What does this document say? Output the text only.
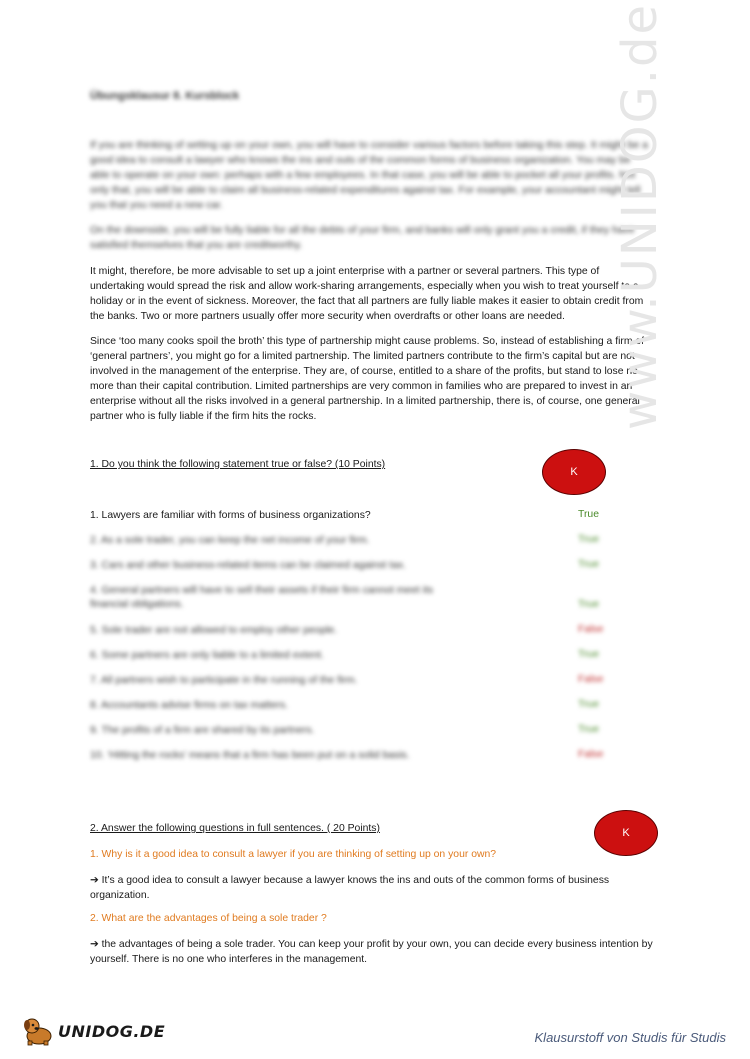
Übungsklausur 8. Kursblock
If you are thinking of setting up on your own, you will have to consider various factors before taking this step. It might be a good idea to consult a lawyer who knows the ins and outs of the common forms of business organization. You may be able to operate on your own: perhaps with a few employees. In that case, you will be able to pocket all your profits. Not only that, you will be able to claim all business-related expenditures against tax. For example, your accountant might tell you that you need a new car.
On the downside, you will be fully liable for all the debts of your firm, and banks will only grant you a credit, if they have satisfied themselves that you are creditworthy.
It might, therefore, be more advisable to set up a joint enterprise with a partner or several partners. This type of undertaking would spread the risk and allow work-sharing arrangements, especially when you wish to treat yourself to a holiday or in the event of sickness. Moreover, the fact that all partners are fully liable makes it easier to obtain credit from the banks. Two or more partners usually offer more security when overdrafts or other loans are needed.
Since ‘too many cooks spoil the broth’ this type of partnership might cause problems. So, instead of establishing a firm of ‘general partners’, you might go for a limited partnership. The limited partners contribute to the firm’s capital but are not involved in the management of the enterprise. They are, of course, entitled to a share of the profits, but stand to lose no more than their capital contribution. Limited partnerships are very common in families who are prepared to invest in an enterprise without all the risks involved in a general partnership. In a limited partnership, there is, of course, one general partner who is fully liable if the firm hits the rocks.
1. Do you think the following statement true or false? (10 Points)
K
1. Lawyers are familiar with forms of business organizations?	True
2. As a sole trader, you can keep the net income of your firm.	True
3. Cars and other business-related items can be claimed against tax.	True
4. General partners will have to sell their assets if their firm cannot meet its financial obligations.	True
5. Sole trader are not allowed to employ other people.	False
6. Some partners are only liable to a limited extent.	True
7. All partners wish to participate in the running of the firm.	False
8. Accountants advise firms on tax matters.	True
9. The profits of a firm are shared by its partners.	True
10. ‘Hitting the rocks’ means that a firm has been put on a solid basis.	False
2. Answer the following questions in full sentences. ( 20 Points)	K
1. Why is it a good idea to consult a lawyer if you are thinking of setting up on your own?
➔ It’s a good idea to consult a lawyer because a lawyer knows the ins and outs of the common forms of business organization.
2. What are the advantages of being a sole trader ?
➔ the advantages of being a sole trader. You can keep your profit by your own, you can decide every business intention by yourself. There is no one who interferes in the management.
www.UNIDOG.de
UNIDOG.DE	Klausurstoff von Studis für Studis
